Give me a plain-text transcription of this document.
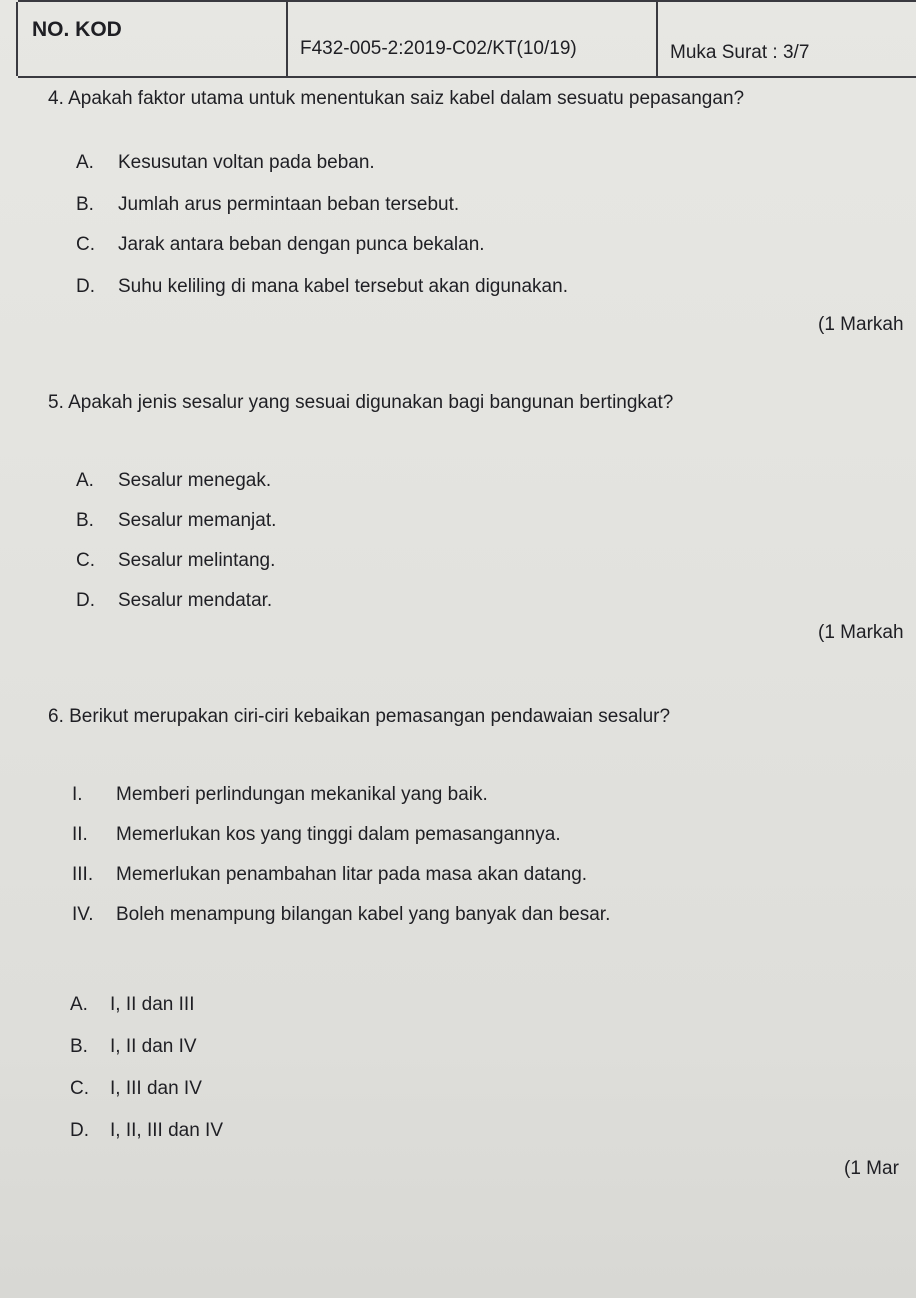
NO. KOD
F432-005-2:2019-C02/KT(10/19)	Muka Surat : 3/7
4. Apakah faktor utama untuk menentukan saiz kabel dalam sesuatu pepasangan?
A. Kesusutan voltan pada beban.
B. Jumlah arus permintaan beban tersebut.
C. Jarak antara beban dengan punca bekalan.
D. Suhu keliling di mana kabel tersebut akan digunakan.
(1 Markah
5. Apakah jenis sesalur yang sesuai digunakan bagi bangunan bertingkat?
A. Sesalur menegak.
B. Sesalur memanjat.
C. Sesalur melintang.
D. Sesalur mendatar.
(1 Markah
6. Berikut merupakan ciri-ciri kebaikan pemasangan pendawaian sesalur?
I. Memberi perlindungan mekanikal yang baik.
II. Memerlukan kos yang tinggi dalam pemasangannya.
III. Memerlukan penambahan litar pada masa akan datang.
IV. Boleh menampung bilangan kabel yang banyak dan besar.
A. I, II dan III
B. I, II dan IV
C. I, III dan IV
D. I, II, III dan IV
(1 Mar
